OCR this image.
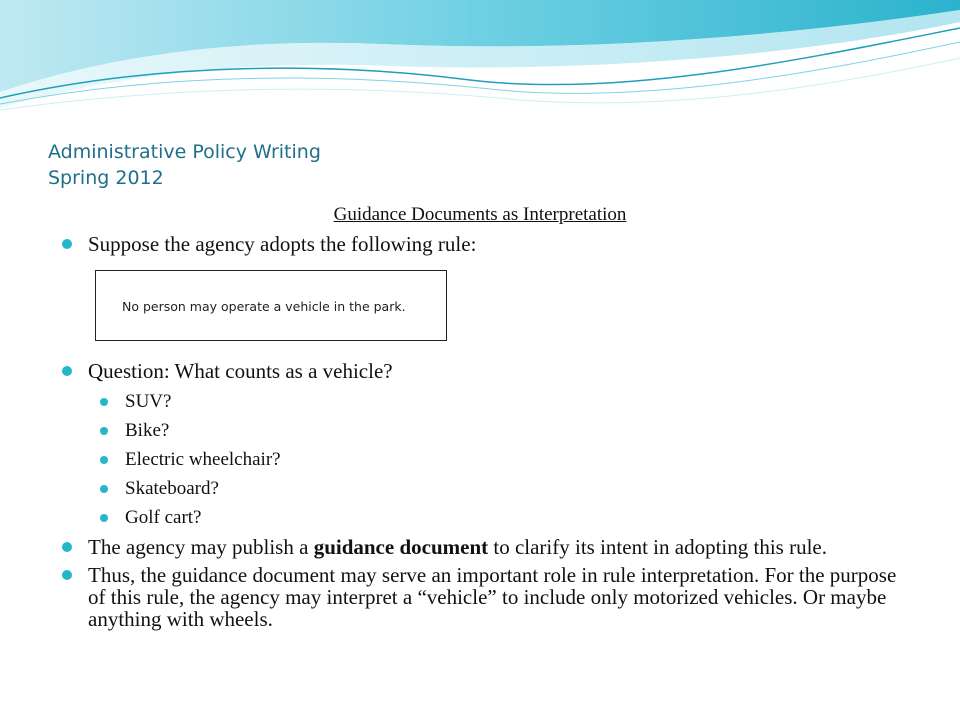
Administrative Policy Writing
Spring 2012
Guidance Documents as Interpretation
No person may operate a vehicle in the park.
Suppose the agency adopts the following rule:
Question: What counts as a vehicle?
SUV?
Bike?
Electric wheelchair?
Skateboard?
Golf cart?
The agency may publish a guidance document to clarify its intent in adopting this rule.
Thus, the guidance document may serve an important role in rule interpretation. For the purpose of this rule, the agency may interpret a “vehicle” to include only motorized vehicles. Or maybe anything with wheels.
